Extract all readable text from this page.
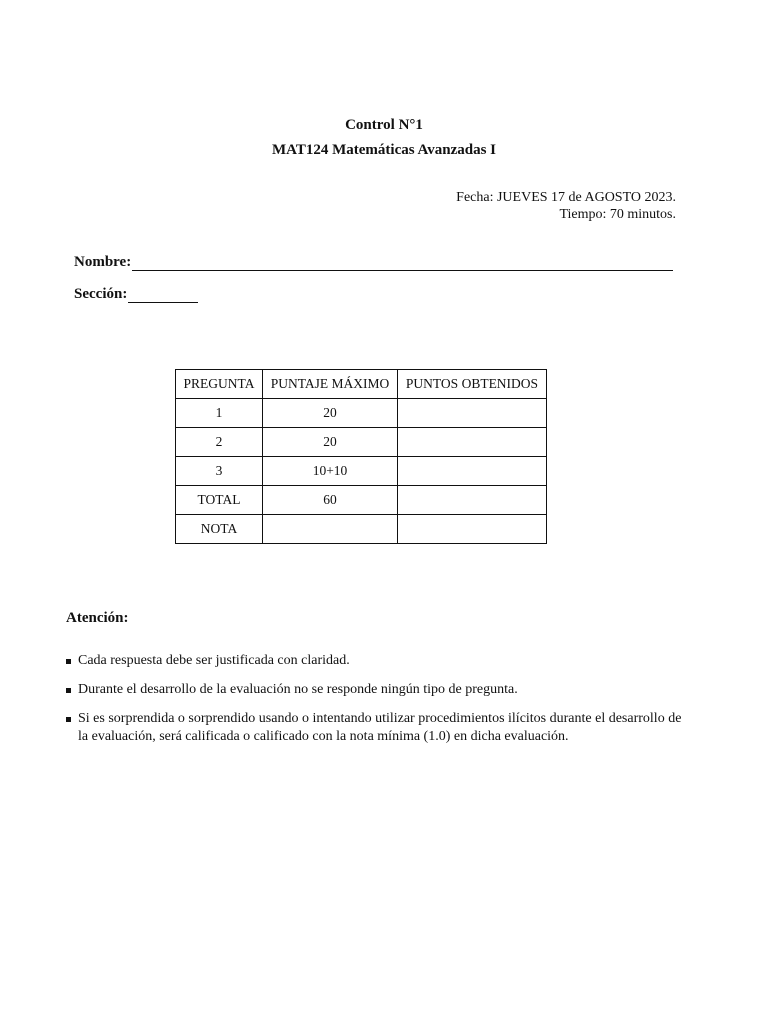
Control N°1
MAT124 Matemáticas Avanzadas I
Fecha: JUEVES 17 de AGOSTO 2023.
Tiempo: 70 minutos.
Nombre:
Sección:
PREGUNTA	PUNTAJE MÁXIMO	PUNTOS OBTENIDOS
1	20	
2	20	
3	10+10	
TOTAL	60	
NOTA		
Atención:
Cada respuesta debe ser justificada con claridad.
Durante el desarrollo de la evaluación no se responde ningún tipo de pregunta.
Si es sorprendida o sorprendido usando o intentando utilizar procedimientos ilícitos durante el desarrollo de la evaluación, será calificada o calificado con la nota mínima (1.0) en dicha evaluación.
